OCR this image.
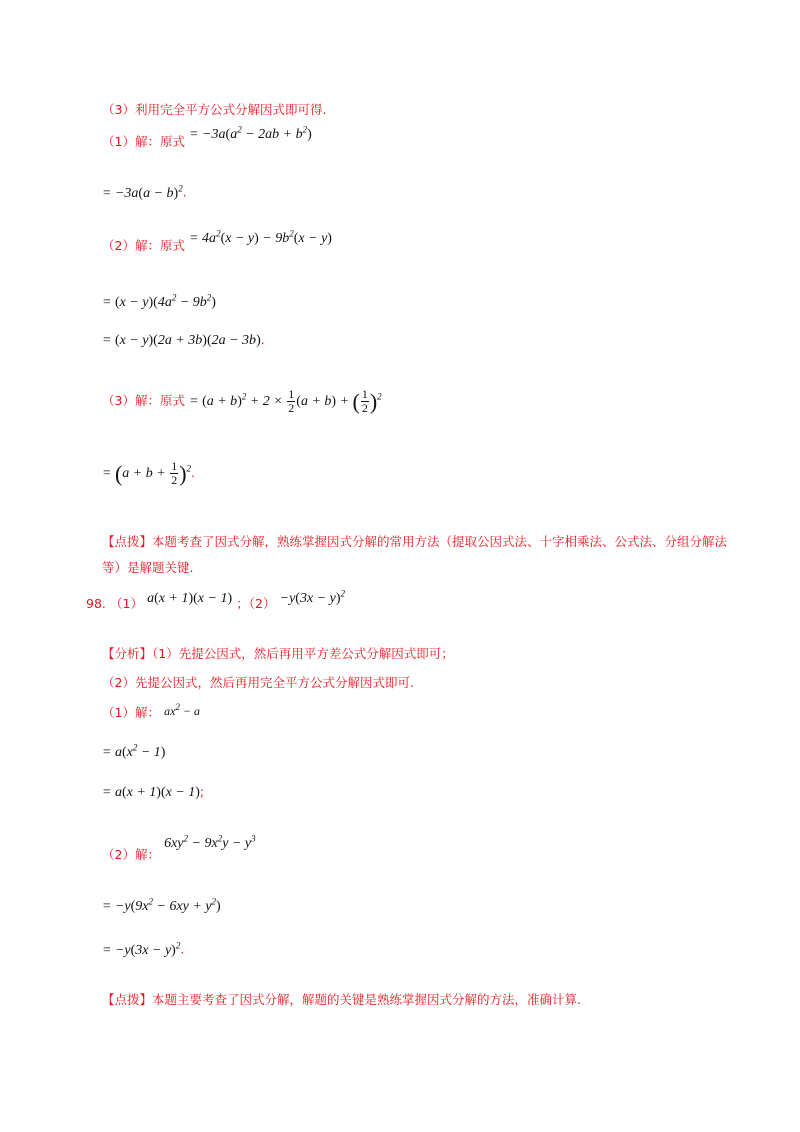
（3）利用完全平方公式分解因式即可得.
（1）解：原式 = $-3a(a^2 - 2ab + b^2)$
= $-3a(a - b)^2$.
（2）解：原式 = $4a^2(x - y) - 9b^2(x - y)$
= $(x - y)(4a^2 - 9b^2)$
= (x − y)(2a + 3b)(2a − 3b).
（3）解：原式 = $(a + b)^2 + 2 \times \frac{1}{2} (a + b)$ + ( $\frac{1}{2} )^2$
= $(a + b + \frac{1}{2} )^2$.
【点拨】本题考查了因式分解，熟练掌握因式分解的常用方法（提取公因式法、十字相乘法、公式法、分组分解法等）是解题关键.
98. （1） a(x + 1)(x − 1) ；$(2) -y(3x - y)^2$
【分析】（1）先提公因式，然后再用平方差公式分解因式即可；
（2）先提公因式，然后再用完全平方公式分解因式即可.
（1）解： $ax^2 - a$
= $a(x^2 - 1)$
= a(x + 1)(x − 1);
（2）解： $6xy^2 - 9x^2y - y^3$
= $-y(9x^2 - 6xy + y^2)$
= $-y(3x - y)^2$.
【点拨】本题主要考查了因式分解，解题的关键是熟练掌握因式分解的方法，准确计算.
